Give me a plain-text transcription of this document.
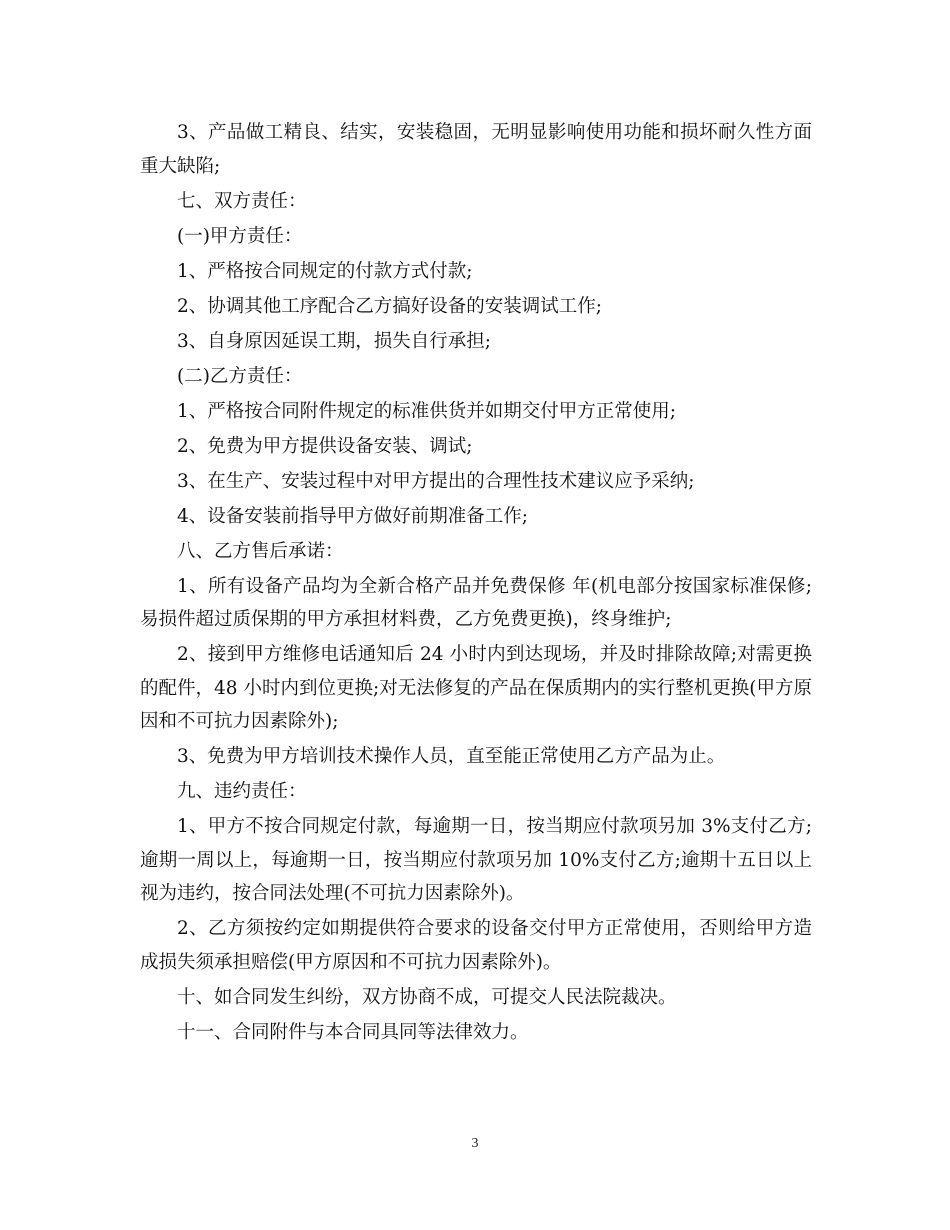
3、产品做工精良、结实，安装稳固，无明显影响使用功能和损坏耐久性方面重大缺陷;

七、双方责任：

(一)甲方责任：

1、严格按合同规定的付款方式付款;

2、协调其他工序配合乙方搞好设备的安装调试工作;

3、自身原因延误工期，损失自行承担;

(二)乙方责任：

1、严格按合同附件规定的标准供货并如期交付甲方正常使用;

2、免费为甲方提供设备安装、调试;

3、在生产、安装过程中对甲方提出的合理性技术建议应予采纳;

4、设备安装前指导甲方做好前期准备工作;

八、乙方售后承诺：

1、所有设备产品均为全新合格产品并免费保修 年(机电部分按国家标准保修;易损件超过质保期的甲方承担材料费，乙方免费更换)，终身维护;

2、接到甲方维修电话通知后 24 小时内到达现场，并及时排除故障;对需更换的配件，48 小时内到位更换;对无法修复的产品在保质期内的实行整机更换(甲方原因和不可抗力因素除外);

3、免费为甲方培训技术操作人员，直至能正常使用乙方产品为止。

九、违约责任：

1、甲方不按合同规定付款，每逾期一日，按当期应付款项另加 3%支付乙方;逾期一周以上，每逾期一日，按当期应付款项另加 10%支付乙方;逾期十五日以上视为违约，按合同法处理(不可抗力因素除外)。

2、乙方须按约定如期提供符合要求的设备交付甲方正常使用，否则给甲方造成损失须承担赔偿(甲方原因和不可抗力因素除外)。

十、如合同发生纠纷，双方协商不成，可提交人民法院裁决。

十一、合同附件与本合同具同等法律效力。

3
